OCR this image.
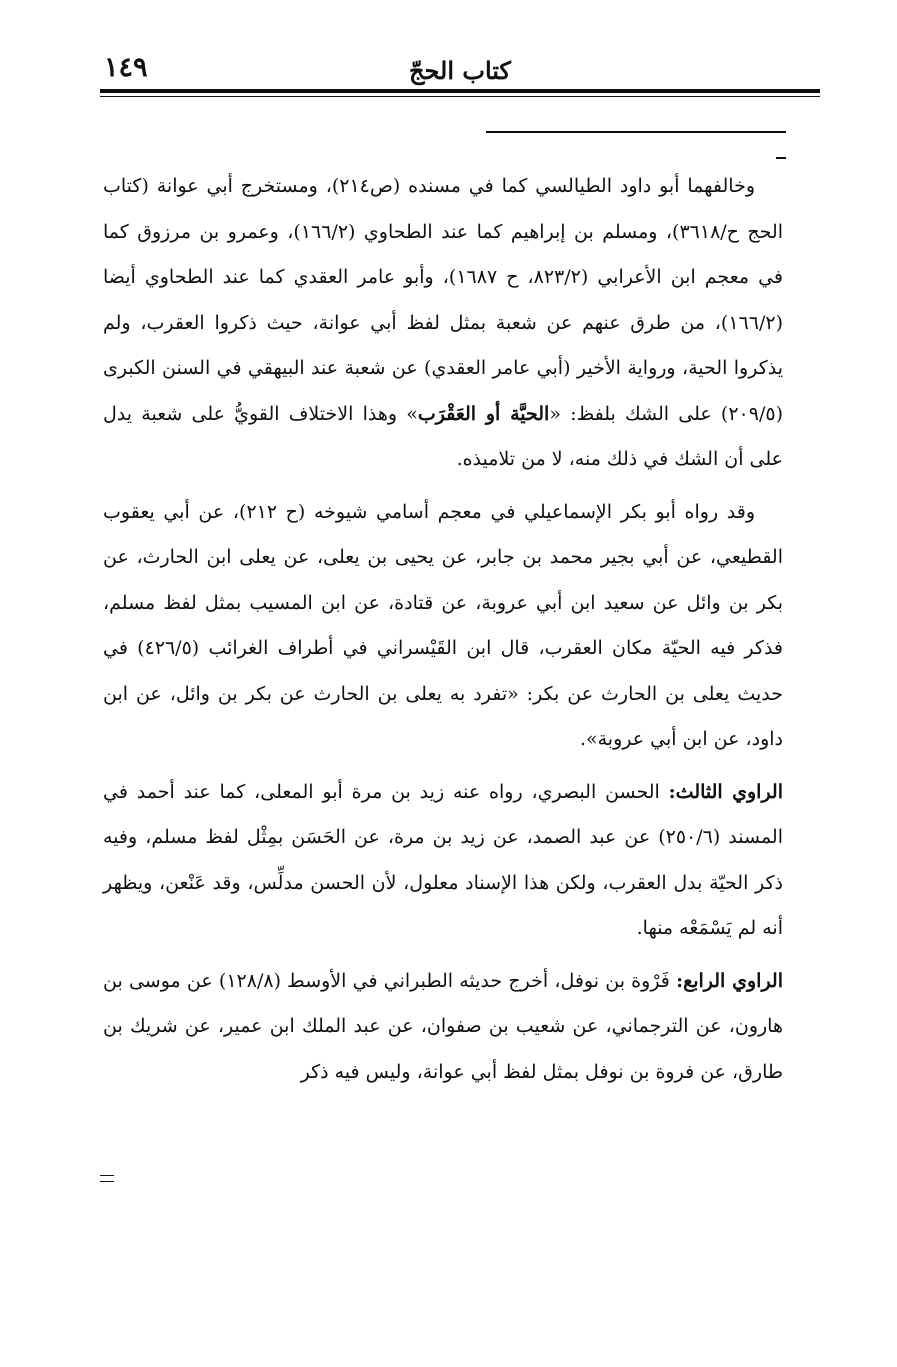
كتاب الحجّ
١٤٩

وخالفهما أبو داود الطيالسي كما في مسنده (ص٢١٤)، ومستخرج أبي عوانة (كتاب الحج ح/٣٦١٨)، ومسلم بن إبراهيم كما عند الطحاوي (١٦٦/٢)، وعمرو بن مرزوق كما في معجم ابن الأعرابي (٨٢٣/٢، ح ١٦٨٧)، وأبو عامر العقدي كما عند الطحاوي أيضا (١٦٦/٢)، من طرق عنهم عن شعبة بمثل لفظ أبي عوانة، حيث ذكروا العقرب، ولم يذكروا الحية، ورواية الأخير (أبي عامر العقدي) عن شعبة عند البيهقي في السنن الكبرى (٢٠٩/٥) على الشك بلفظ: «الحيَّة أو العَقْرَب» وهذا الاختلاف القويُّ على شعبة يدل على أن الشك في ذلك منه، لا من تلاميذه.

وقد رواه أبو بكر الإسماعيلي في معجم أسامي شيوخه (ح ٢١٢)، عن أبي يعقوب القطيعي، عن أبي بجير محمد بن جابر، عن يحيى بن يعلى، عن يعلى ابن الحارث، عن بكر بن وائل عن سعيد ابن أبي عروبة، عن قتادة، عن ابن المسيب بمثل لفظ مسلم، فذكر فيه الحيّة مكان العقرب، قال ابن القَيْسراني في أطراف الغرائب (٤٢٦/٥) في حديث يعلى بن الحارث عن بكر: «تفرد به يعلى بن الحارث عن بكر بن وائل، عن ابن داود، عن ابن أبي عروبة».

الراوي الثالث: الحسن البصري، رواه عنه زيد بن مرة أبو المعلى، كما عند أحمد في المسند (٢٥٠/٦) عن عبد الصمد، عن زيد بن مرة، عن الحَسَن بمِثْل لفظ مسلم، وفيه ذكر الحيّة بدل العقرب، ولكن هذا الإسناد معلول، لأن الحسن مدلِّس، وقد عَنْعن، ويظهر أنه لم يَسْمَعْه منها.

الراوي الرابع: فَرْوة بن نوفل، أخرج حديثه الطبراني في الأوسط (١٢٨/٨) عن موسى بن هارون، عن الترجماني، عن شعيب بن صفوان، عن عبد الملك ابن عمير، عن شريك بن طارق، عن فروة بن نوفل بمثل لفظ أبي عوانة، وليس فيه ذكر
